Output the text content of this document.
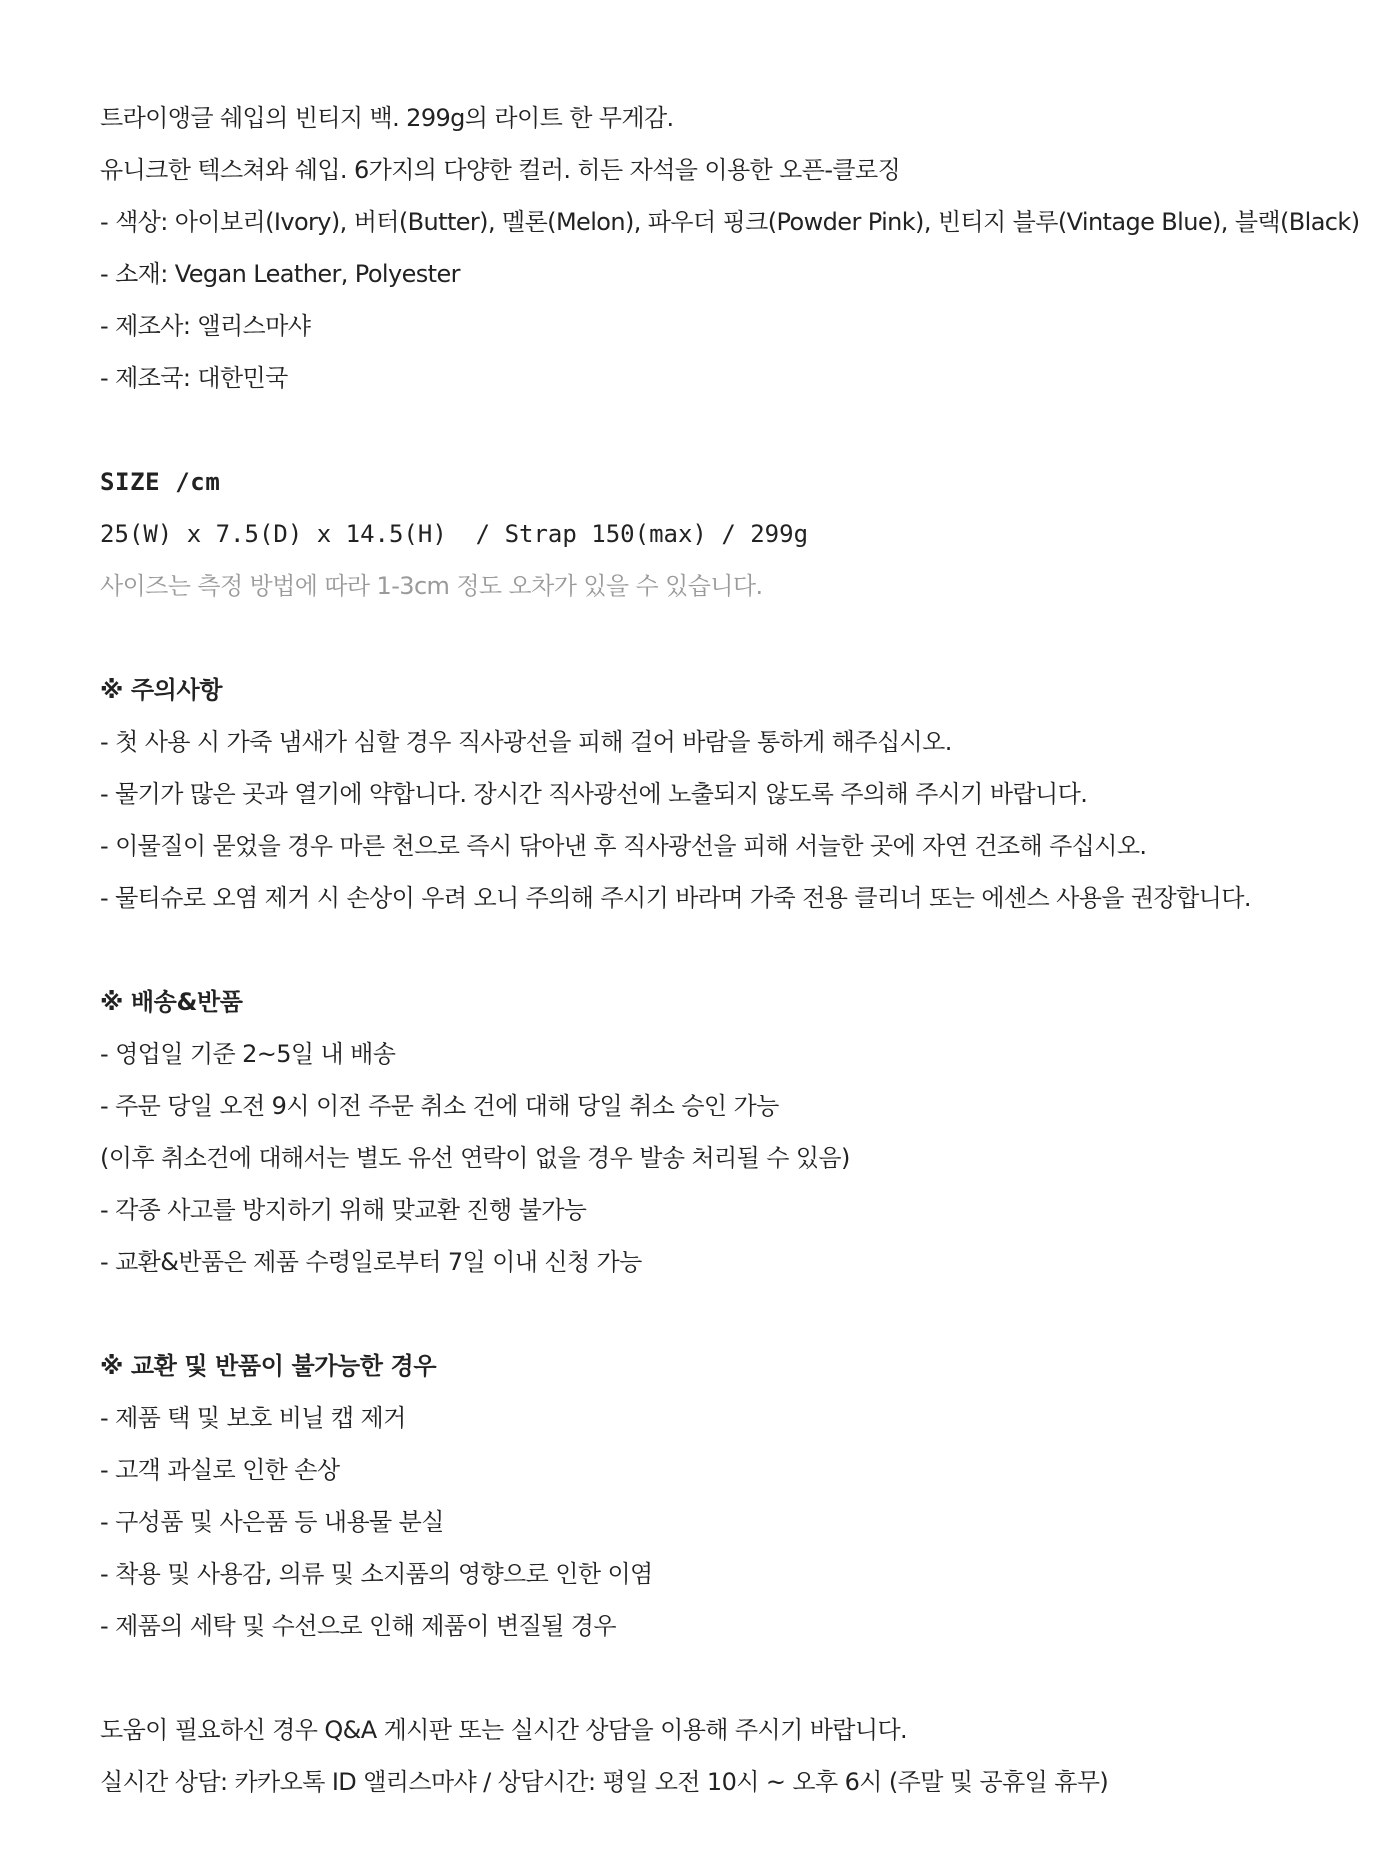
트라이앵글 쉐입의 빈티지 백. 299g의 라이트 한 무게감.
유니크한 텍스쳐와 쉐입. 6가지의 다양한 컬러. 히든 자석을 이용한 오픈-클로징
- 색상: 아이보리(Ivory), 버터(Butter), 멜론(Melon), 파우더 핑크(Powder Pink), 빈티지 블루(Vintage Blue), 블랙(Black)
- 소재: Vegan Leather, Polyester
- 제조사: 앨리스마샤
- 제조국: 대한민국
SIZE /cm
25(W) x 7.5(D) x 14.5(H)  / Strap 150(max) / 299g
사이즈는 측정 방법에 따라 1-3cm 정도 오차가 있을 수 있습니다.
※ 주의사항
- 첫 사용 시 가죽 냄새가 심할 경우 직사광선을 피해 걸어 바람을 통하게 해주십시오.
- 물기가 많은 곳과 열기에 약합니다. 장시간 직사광선에 노출되지 않도록 주의해 주시기 바랍니다.
- 이물질이 묻었을 경우 마른 천으로 즉시 닦아낸 후 직사광선을 피해 서늘한 곳에 자연 건조해 주십시오.
- 물티슈로 오염 제거 시 손상이 우려 오니 주의해 주시기 바라며 가죽 전용 클리너 또는 에센스 사용을 권장합니다.
※ 배송&반품
- 영업일 기준 2~5일 내 배송
- 주문 당일 오전 9시 이전 주문 취소 건에 대해 당일 취소 승인 가능
(이후 취소건에 대해서는 별도 유선 연락이 없을 경우 발송 처리될 수 있음)
- 각종 사고를 방지하기 위해 맞교환 진행 불가능
- 교환&반품은 제품 수령일로부터 7일 이내 신청 가능
※ 교환 및 반품이 불가능한 경우
- 제품 택 및 보호 비닐 캡 제거
- 고객 과실로 인한 손상
- 구성품 및 사은품 등 내용물 분실
- 착용 및 사용감, 의류 및 소지품의 영향으로 인한 이염
- 제품의 세탁 및 수선으로 인해 제품이 변질될 경우
도움이 필요하신 경우 Q&A 게시판 또는 실시간 상담을 이용해 주시기 바랍니다.
실시간 상담: 카카오톡 ID 앨리스마샤 / 상담시간: 평일 오전 10시 ~ 오후 6시 (주말 및 공휴일 휴무)
